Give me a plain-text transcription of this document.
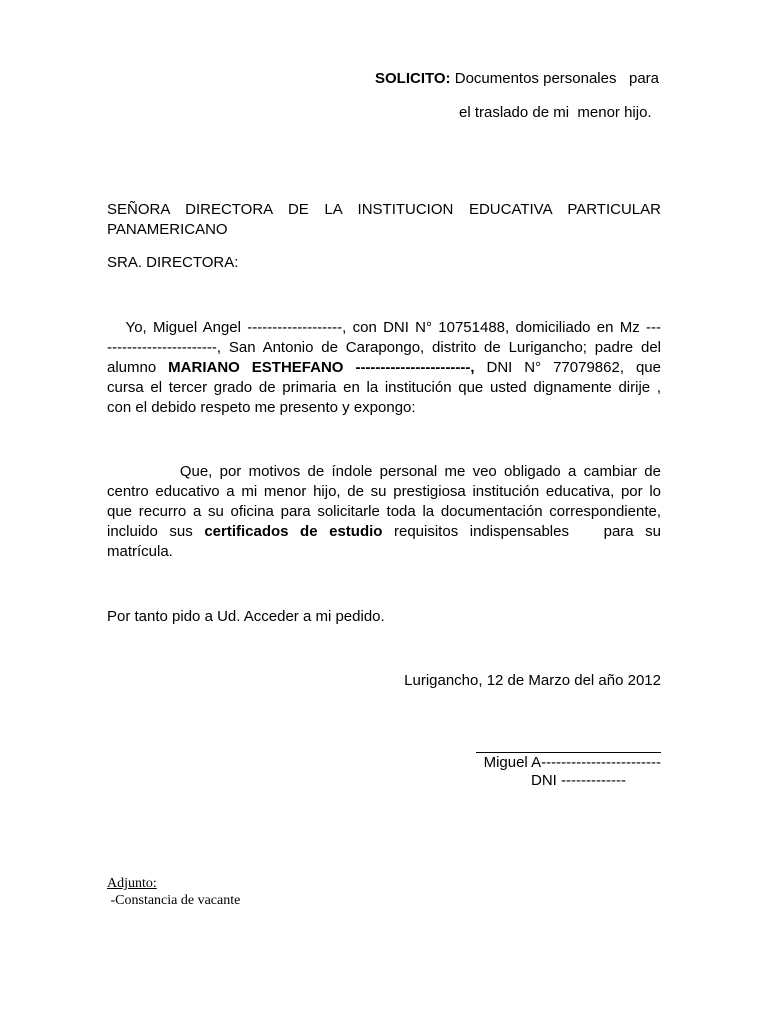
SOLICITO: Documentos personales   para
el traslado de mi  menor hijo.
SEÑORA DIRECTORA DE LA INSTITUCION EDUCATIVA PARTICULAR
PANAMERICANO
SRA. DIRECTORA:
Yo, Miguel Angel -------------------, con DNI N° 10751488, domiciliado en Mz ---
----------------------, San Antonio de Carapongo, distrito de Lurigancho; padre del
alumno MARIANO ESTHEFANO -----------------------, DNI N° 77079862, que
cursa el tercer grado de primaria en la institución que usted dignamente dirije ,
con el debido respeto me presento y expongo:
Que, por motivos de índole personal me veo obligado a cambiar de
centro educativo a mi menor hijo, de su prestigiosa institución educativa, por lo
que recurro a su oficina para solicitarle toda la documentación correspondiente,
incluido sus certificados de estudio requisitos indispensables   para su
matrícula.
Por tanto pido a Ud. Acceder a mi pedido.
Lurigancho, 12 de Marzo del año 2012
Miguel A------------------------
DNI -------------
Adjunto:
-Constancia de vacante
